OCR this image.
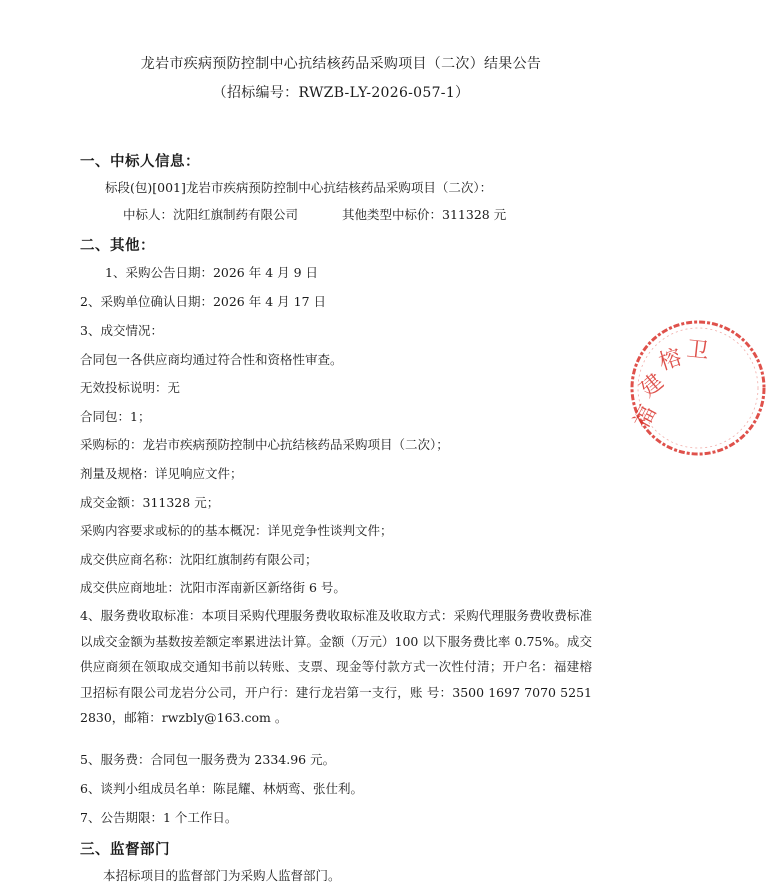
龙岩市疾病预防控制中心抗结核药品采购项目（二次）结果公告
（招标编号：RWZB-LY-2026-057-1）
一、中标人信息：
标段(包)[001]龙岩市疾病预防控制中心抗结核药品采购项目（二次）：
中标人：沈阳红旗制药有限公司	其他类型中标价：311328 元
二、其他：
1、采购公告日期：2026 年 4 月 9 日
2、采购单位确认日期：2026 年 4 月 17 日
3、成交情况：
合同包一各供应商均通过符合性和资格性审查。
无效投标说明：无
合同包：1；
采购标的：龙岩市疾病预防控制中心抗结核药品采购项目（二次）；
剂量及规格：详见响应文件；
成交金额：311328 元；
采购内容要求或标的的基本概况：详见竞争性谈判文件；
成交供应商名称：沈阳红旗制药有限公司；
成交供应商地址：沈阳市浑南新区新络街 6 号。
4、服务费收取标准：本项目采购代理服务费收取标准及收取方式：采购代理服务费收费标准以成交金额为基数按差额定率累进法计算。金额（万元）100 以下服务费比率 0.75%。成交供应商须在领取成交通知书前以转账、支票、现金等付款方式一次性付清；开户名：福建榕卫招标有限公司龙岩分公司，开户行：建行龙岩第一支行，账 号：3500 1697 7070 5251 2830，邮箱：rwzbly@163.com 。
5、服务费：合同包一服务费为 2334.96 元。
6、谈判小组成员名单：陈昆耀、林炳鸾、张仕利。
7、公告期限：1 个工作日。
三、监督部门
本招标项目的监督部门为采购人监督部门。
福
建
榕 卫
